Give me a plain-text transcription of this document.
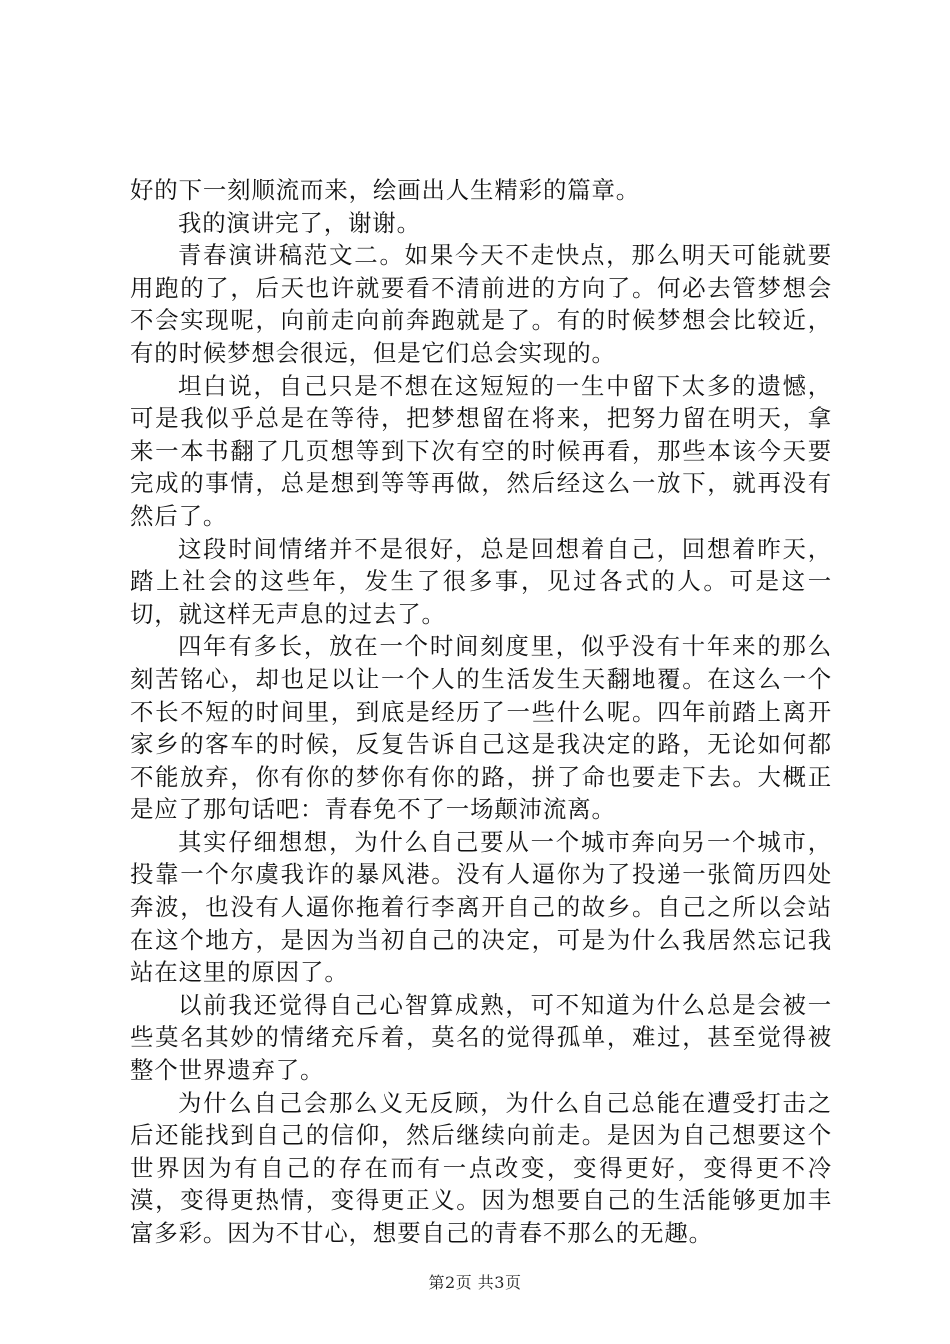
好的下一刻顺流而来，绘画出人生精彩的篇章。

我的演讲完了，谢谢。

青春演讲稿范文二。如果今天不走快点，那么明天可能就要用跑的了，后天也许就要看不清前进的方向了。何必去管梦想会不会实现呢，向前走向前奔跑就是了。有的时候梦想会比较近，有的时候梦想会很远，但是它们总会实现的。

坦白说，自己只是不想在这短短的一生中留下太多的遗憾，可是我似乎总是在等待，把梦想留在将来，把努力留在明天，拿来一本书翻了几页想等到下次有空的时候再看，那些本该今天要完成的事情，总是想到等等再做，然后经这么一放下，就再没有然后了。

这段时间情绪并不是很好，总是回想着自己，回想着昨天，踏上社会的这些年，发生了很多事，见过各式的人。可是这一切，就这样无声息的过去了。

四年有多长，放在一个时间刻度里，似乎没有十年来的那么刻苦铭心，却也足以让一个人的生活发生天翻地覆。在这么一个不长不短的时间里，到底是经历了一些什么呢。四年前踏上离开家乡的客车的时候，反复告诉自己这是我决定的路，无论如何都不能放弃，你有你的梦你有你的路，拼了命也要走下去。大概正是应了那句话吧：青春免不了一场颠沛流离。

其实仔细想想，为什么自己要从一个城市奔向另一个城市，投靠一个尔虞我诈的暴风港。没有人逼你为了投递一张简历四处奔波，也没有人逼你拖着行李离开自己的故乡。自己之所以会站在这个地方，是因为当初自己的决定，可是为什么我居然忘记我站在这里的原因了。

以前我还觉得自己心智算成熟，可不知道为什么总是会被一些莫名其妙的情绪充斥着，莫名的觉得孤单，难过，甚至觉得被整个世界遗弃了。

为什么自己会那么义无反顾，为什么自己总能在遭受打击之后还能找到自己的信仰，然后继续向前走。是因为自己想要这个世界因为有自己的存在而有一点改变，变得更好，变得更不冷漠，变得更热情，变得更正义。因为想要自己的生活能够更加丰富多彩。因为不甘心，想要自己的青春不那么的无趣。

第2页 共3页
